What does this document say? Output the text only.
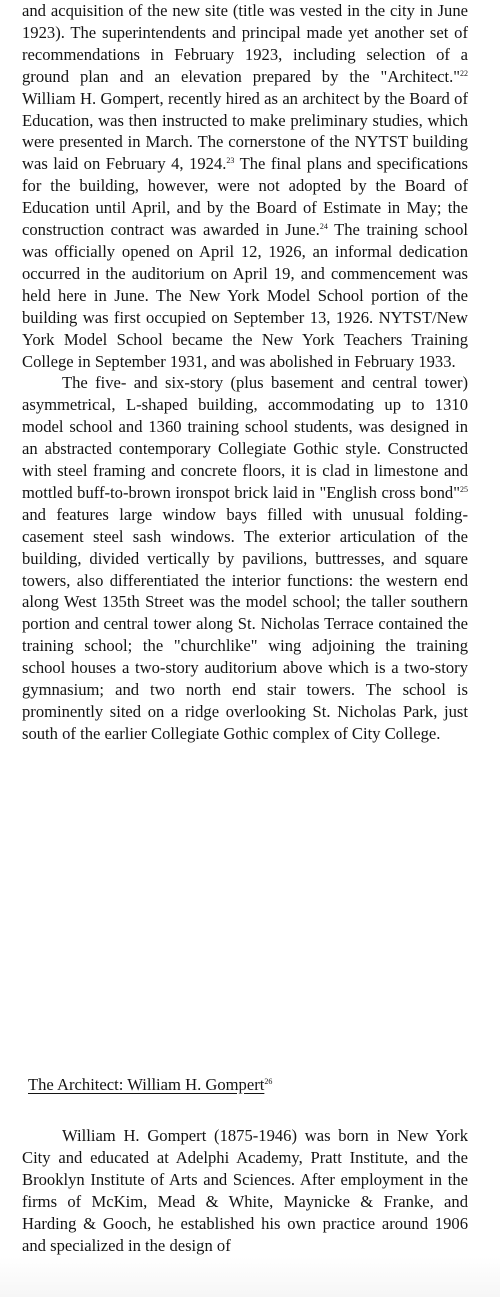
and acquisition of the new site (title was vested in the city in June 1923). The superintendents and principal made yet another set of recommendations in February 1923, including selection of a ground plan and an elevation prepared by the "Architect."$^{22}$ William H. Gompert, recently hired as an architect by the Board of Education, was then instructed to make preliminary studies, which were presented in March. The cornerstone of the NYTST building was laid on February 4, 1924.23 The final plans and specifications for the building, however, were not adopted by the Board of Education until April, and by the Board of Estimate in May; the construction contract was awarded in June.$^{24}$ The training school was officially opened on April 12, 1926, an informal dedication occurred in the auditorium on April 19, and commencement was held here in June. The New York Model School portion of the building was first occupied on September 13, 1926. NYTST/New York Model School became the New York Teachers Training College in September 1931, and was abolished in February 1933.

The five- and six-story (plus basement and central tower) asymmetrical, L-shaped building, accommodating up to 1310 model school and 1360 training school students, was designed in an abstracted contemporary Collegiate Gothic style. Constructed with steel framing and concrete floors, it is clad in limestone and mottled buff-to-brown ironspot brick laid in "English cross bond"$^{25}$ and features large window bays filled with unusual folding-casement steel sash windows. The exterior articulation of the building, divided vertically by pavilions, buttresses, and square towers, also differentiated the interior functions: the western end along West 135th Street was the model school; the taller southern portion and central tower along St. Nicholas Terrace contained the training school; the "churchlike" wing adjoining the training school houses a two-story auditorium above which is a two-story gymnasium; and two north end stair towers. The school is prominently sited on a ridge overlooking St. Nicholas Park, just south of the earlier Collegiate Gothic complex of City College.

The Architect: William H. Gompert$^{26}$

William H. Gompert (1875-1946) was born in New York City and educated at Adelphi Academy, Pratt Institute, and the Brooklyn Institute of Arts and Sciences. After employment in the firms of McKim, Mead & White, Maynicke & Franke, and Harding & Gooch, he established his own practice around 1906 and specialized in the design of
